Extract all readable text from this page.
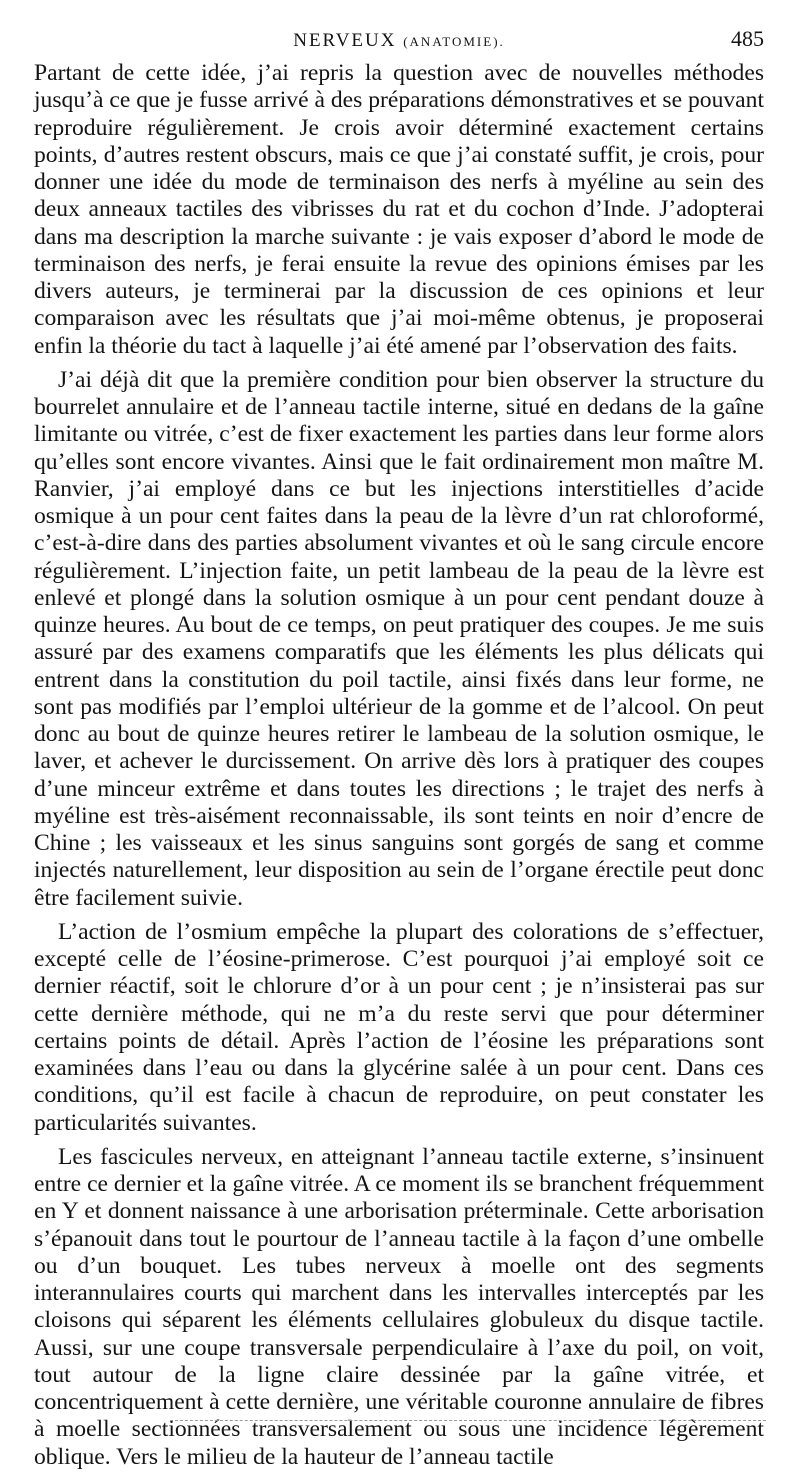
NERVEUX (ANATOMIE).	485

Partant de cette idée, j’ai repris la question avec de nouvelles méthodes jusqu’à ce que je fusse arrivé à des préparations démonstratives et se pouvant reproduire régulièrement. Je crois avoir déterminé exactement certains points, d’autres restent obscurs, mais ce que j’ai constaté suffit, je crois, pour donner une idée du mode de terminaison des nerfs à myéline au sein des deux anneaux tactiles des vibrisses du rat et du cochon d’Inde. J’adopterai dans ma description la marche suivante : je vais exposer d’abord le mode de terminaison des nerfs, je ferai ensuite la revue des opinions émises par les divers auteurs, je terminerai par la discussion de ces opinions et leur comparaison avec les résultats que j’ai moi-même obtenus, je proposerai enfin la théorie du tact à laquelle j’ai été amené par l’observation des faits.

J’ai déjà dit que la première condition pour bien observer la structure du bourrelet annulaire et de l’anneau tactile interne, situé en dedans de la gaîne limitante ou vitrée, c’est de fixer exactement les parties dans leur forme alors qu’elles sont encore vivantes. Ainsi que le fait ordinairement mon maître M. Ranvier, j’ai employé dans ce but les injections interstitielles d’acide osmique à un pour cent faites dans la peau de la lèvre d’un rat chloroformé, c’est-à-dire dans des parties absolument vivantes et où le sang circule encore régulièrement. L’injection faite, un petit lambeau de la peau de la lèvre est enlevé et plongé dans la solution osmique à un pour cent pendant douze à quinze heures. Au bout de ce temps, on peut pratiquer des coupes. Je me suis assuré par des examens comparatifs que les éléments les plus délicats qui entrent dans la constitution du poil tactile, ainsi fixés dans leur forme, ne sont pas modifiés par l’emploi ultérieur de la gomme et de l’alcool. On peut donc au bout de quinze heures retirer le lambeau de la solution osmique, le laver, et achever le durcissement. On arrive dès lors à pratiquer des coupes d’une minceur extrême et dans toutes les directions ; le trajet des nerfs à myéline est très-aisément reconnaissable, ils sont teints en noir d’encre de Chine ; les vaisseaux et les sinus sanguins sont gorgés de sang et comme injectés naturellement, leur disposition au sein de l’organe érectile peut donc être facilement suivie.

L’action de l’osmium empêche la plupart des colorations de s’effectuer, excepté celle de l’éosine-primerose. C’est pourquoi j’ai employé soit ce dernier réactif, soit le chlorure d’or à un pour cent ; je n’insisterai pas sur cette dernière méthode, qui ne m’a du reste servi que pour déterminer certains points de détail. Après l’action de l’éosine les préparations sont examinées dans l’eau ou dans la glycérine salée à un pour cent. Dans ces conditions, qu’il est facile à chacun de reproduire, on peut constater les particularités suivantes.

Les fascicules nerveux, en atteignant l’anneau tactile externe, s’insinuent entre ce dernier et la gaîne vitrée. A ce moment ils se branchent fréquemment en Y et donnent naissance à une arborisation préterminale. Cette arborisation s’épanouit dans tout le pourtour de l’anneau tactile à la façon d’une ombelle ou d’un bouquet. Les tubes nerveux à moelle ont des segments interannulaires courts qui marchent dans les intervalles interceptés par les cloisons qui séparent les éléments cellulaires globuleux du disque tactile. Aussi, sur une coupe transversale perpendiculaire à l’axe du poil, on voit, tout autour de la ligne claire dessinée par la gaîne vitrée, et concentriquement à cette dernière, une véritable couronne annulaire de fibres à moelle sectionnées transversalement ou sous une incidence légèrement oblique. Vers le milieu de la hauteur de l’anneau tactile
